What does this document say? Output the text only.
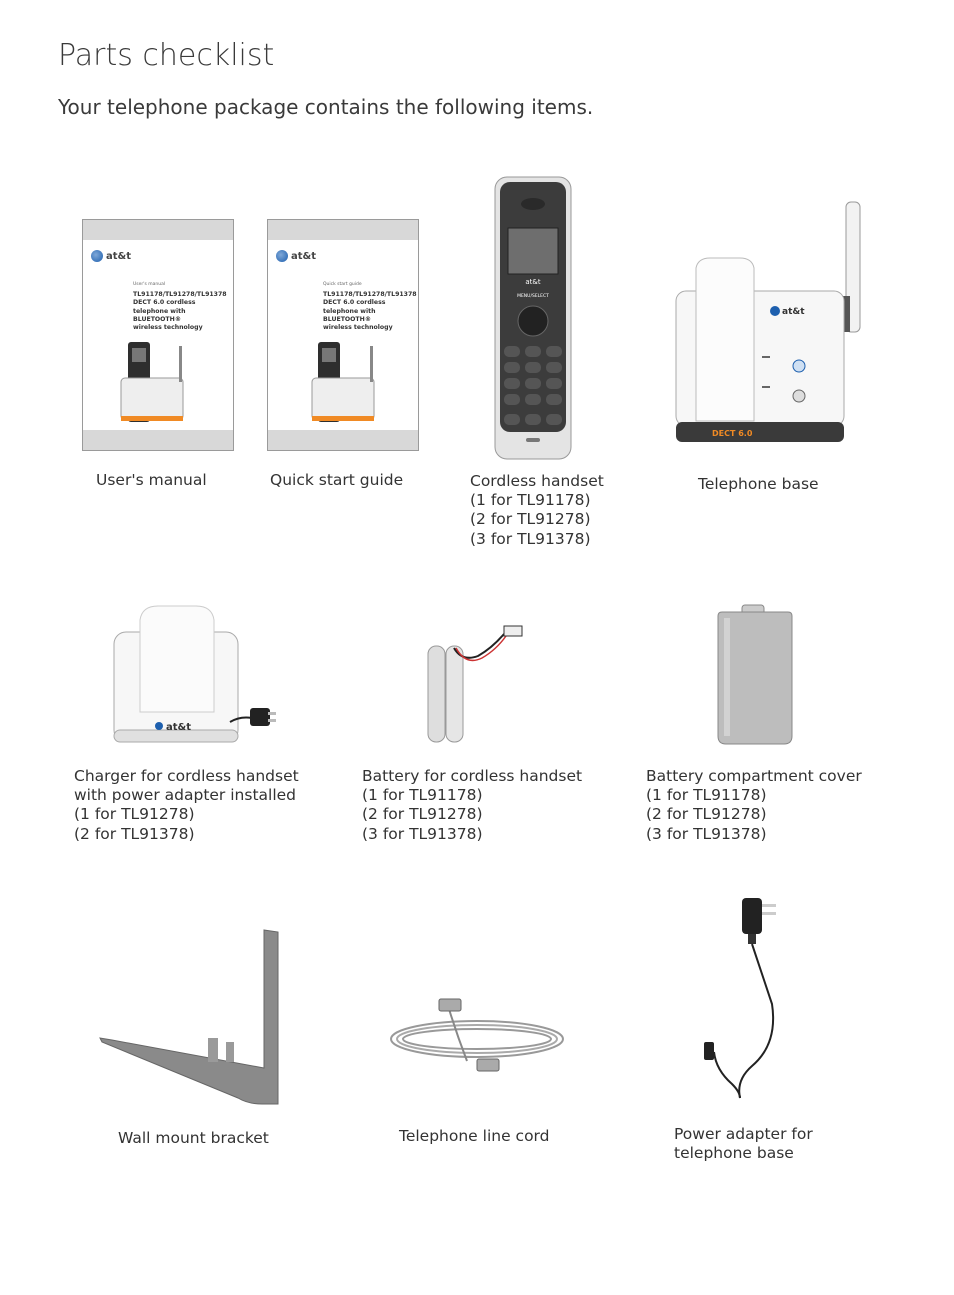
Parts checklist
Your telephone package contains the following items.
at&t
User's manual
TL91178/TL91278/TL91378
DECT 6.0 cordless
telephone with BLUETOOTH®
wireless technology
at&t
Quick start guide
TL91178/TL91278/TL91378
DECT 6.0 cordless
telephone with BLUETOOTH®
wireless technology
at&t
MENU/SELECT
DECT 6.0
at&t
at&t
User's manual	Quick start guide	Cordless handset
(1 for TL91178)
(2 for TL91278)
(3 for TL91378)
Telephone base
Charger for cordless handset
with power adapter installed
(1 for TL91278)
(2 for TL91378)
Battery for cordless handset
(1 for TL91178)
(2 for TL91278)
(3 for TL91378)
Battery compartment cover
(1 for TL91178)
(2 for TL91278)
(3 for TL91378)
Wall mount bracket	Telephone line cord	Power adapter for
telephone base
